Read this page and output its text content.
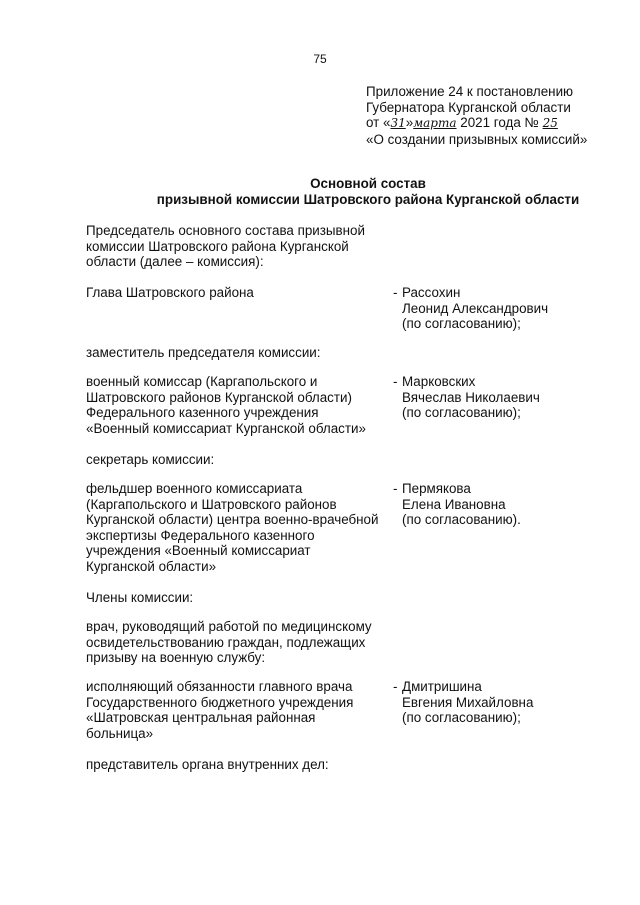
75
Приложение 24 к постановлению
Губернатора Курганской области
от «31»марта 2021 года № 25
«О создании призывных комиссий»
Основной состав
призывной комиссии Шатровского района Курганской области
Председатель основного состава призывной
комиссии Шатровского района Курганской
области (далее – комиссия):
Глава Шатровского района	- Рассохин
Леонид Александрович
(по согласованию);
заместитель председателя комиссии:
военный комиссар (Каргапольского и
Шатровского районов Курганской области)
Федерального казенного учреждения
«Военный комиссариат Курганской области»
- Марковских
Вячеслав Николаевич
(по согласованию);
секретарь комиссии:
фельдшер военного комиссариата
(Каргапольского и Шатровского районов
Курганской области) центра военно-врачебной
экспертизы Федерального казенного
учреждения «Военный комиссариат
Курганской области»
- Пермякова
Елена Ивановна
(по согласованию).
Члены комиссии:
врач, руководящий работой по медицинскому
освидетельствованию граждан, подлежащих
призыву на военную службу:
исполняющий обязанности главного врача
Государственного бюджетного учреждения
«Шатровская центральная районная
больница»
- Дмитришина
Евгения Михайловна
(по согласованию);
представитель органа внутренних дел:
